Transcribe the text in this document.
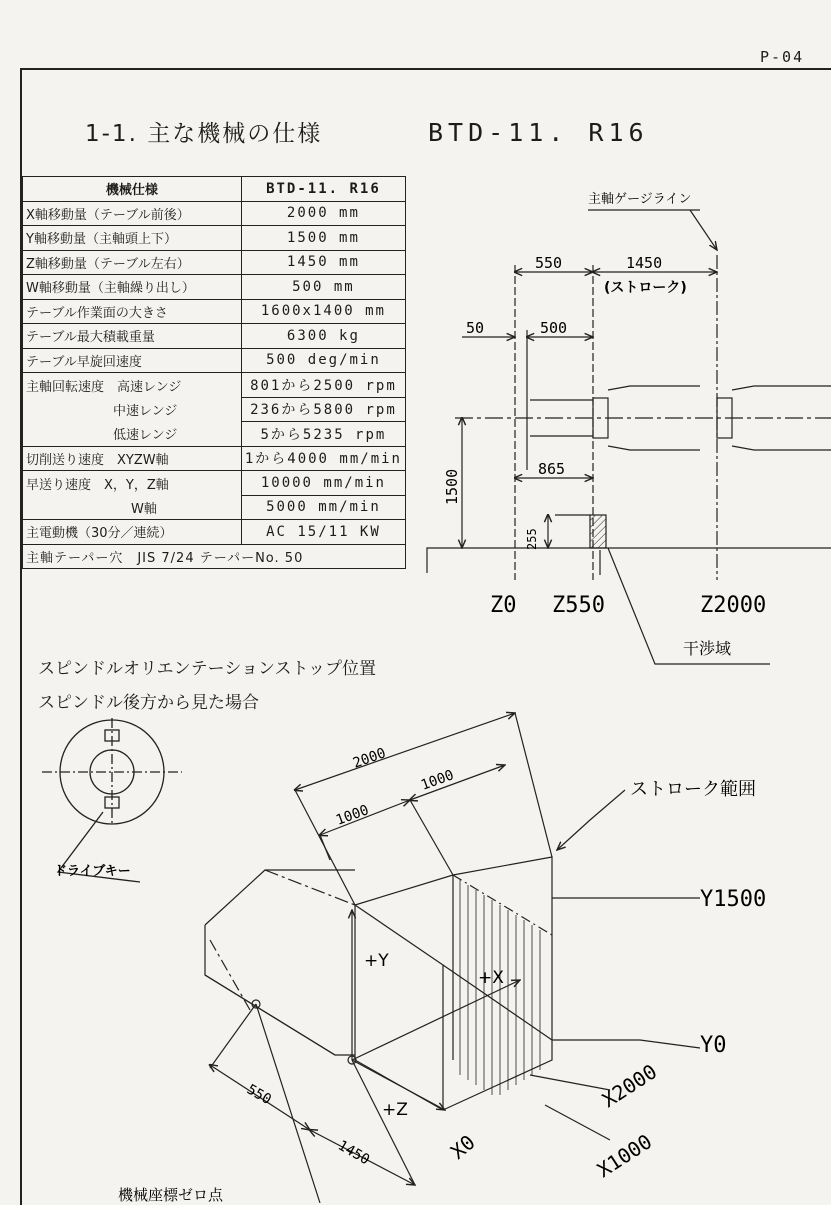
P-04
1-1. 主な機械の仕様	BTD-11. R16
機械仕様	BTD-11. R16
X軸移動量（テーブル前後）	2000 mm
Y軸移動量（主軸頭上下）	1500 mm
Z軸移動量（テーブル左右）	1450 mm
W軸移動量（主軸繰り出し）	500 mm
テーブル作業面の大きさ	1600x1400 mm
テーブル最大積載重量	6300 kg
テーブル早旋回速度	500 deg/min
主軸回転速度　高速レンジ	801から2500 rpm
中速レンジ	236から5800 rpm
低速レンジ	5から5235 rpm
切削送り速度　XYZW軸	1から4000 mm/min
早送り速度　X，Y，Z軸	10000 mm/min
W軸	5000 mm/min
主電動機（30分／連続）	AC 15/11 KW
主軸テーパー穴　JIS 7/24 テーパーNo. 50	
スピンドルオリエンテーションストップ位置
スピンドル後方から見た場合
主軸ゲージライン
550	1450
(ストローク)
50	500
865
1500
255
Z0 Z550	Z2000
干渉域
ドライブキー
ストローク範囲
2000
1000
1000
550
1450
+Y
+X
+Z
Y1500
Y0
X2000
X1000
X0
機械座標ゼロ点
